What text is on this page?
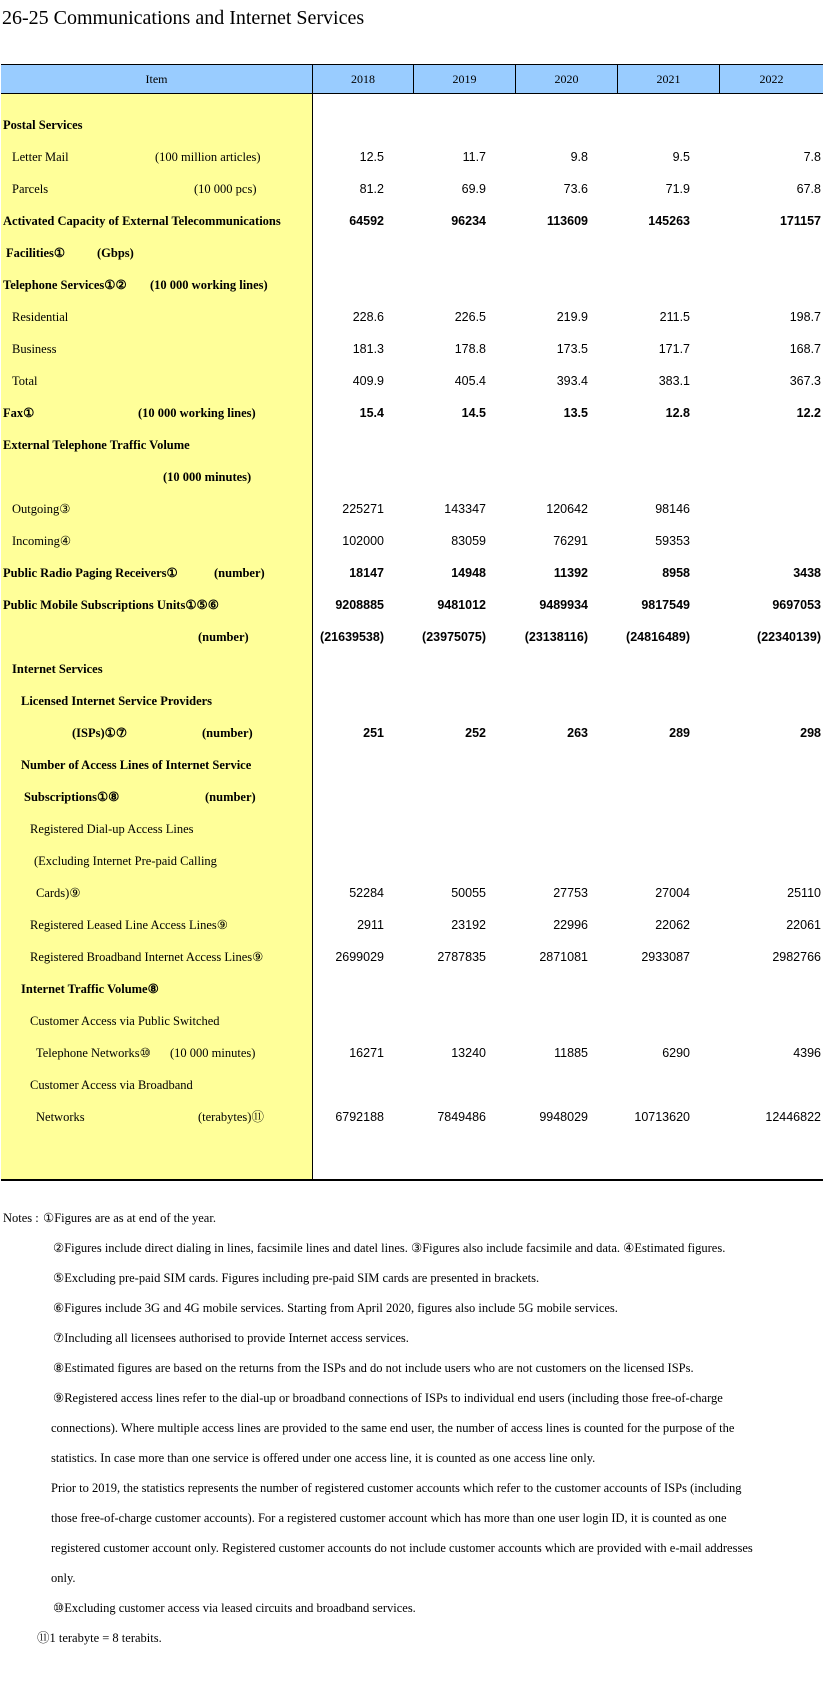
26-25 Communications and Internet Services
Item	2018	2019	2020	2021	2022
Postal Services
Letter Mail	(100 million articles)	12.5	11.7	9.8	9.5	7.8
Parcels	(10 000 pcs)	81.2	69.9	73.6	71.9	67.8
Activated Capacity of External Telecommunications	64592	96234	113609	145263	171157
Facilities①	(Gbps)
Telephone Services①② (10 000 working lines)
Residential	228.6	226.5	219.9	211.5	198.7
Business	181.3	178.8	173.5	171.7	168.7
Total	409.9	405.4	393.4	383.1	367.3
Fax①	(10 000 working lines)	15.4	14.5	13.5	12.8	12.2
External Telephone Traffic Volume
(10 000 minutes)
Outgoing③	225271	143347	120642	98146
Incoming④	102000	83059	76291	59353
Public Radio Paging Receivers①	(number)	18147	14948	11392	8958	3438
Public Mobile Subscriptions Units①⑤⑥	9208885	9481012	9489934	9817549	9697053
(number)	(21639538)	(23975075)	(23138116)	(24816489)	(22340139)
Internet Services
Licensed Internet Service Providers
(ISPs)①⑦	(number)	251	252	263	289	298
Number of Access Lines of Internet Service
Subscriptions①⑧	(number)
Registered Dial-up Access Lines
(Excluding Internet Pre-paid Calling
Cards)⑨	52284	50055	27753	27004	25110
Registered Leased Line Access Lines⑨	2911	23192	22996	22062	22061
Registered Broadband Internet Access Lines⑨	2699029	2787835	2871081	2933087	2982766
Internet Traffic Volume⑧
Customer Access via Public Switched
Telephone Networks⑩ (10 000 minutes)	16271	13240	11885	6290	4396
Customer Access via Broadband
Networks	(terabytes)⑪	6792188	7849486	9948029	10713620	12446822
Notes : ①Figures are as at end of the year.
②Figures include direct dialing in lines, facsimile lines and datel lines. ③Figures also include facsimile and data. ④Estimated figures.
⑤Excluding pre-paid SIM cards. Figures including pre-paid SIM cards are presented in brackets.
⑥Figures include 3G and 4G mobile services. Starting from April 2020, figures also include 5G mobile services.
⑦Including all licensees authorised to provide Internet access services.
⑧Estimated figures are based on the returns from the ISPs and do not include users who are not customers on the licensed ISPs.
⑨Registered access lines refer to the dial-up or broadband connections of ISPs to individual end users (including those free-of-charge
connections). Where multiple access lines are provided to the same end user, the number of access lines is counted for the purpose of the
statistics. In case more than one service is offered under one access line, it is counted as one access line only.
Prior to 2019, the statistics represents the number of registered customer accounts which refer to the customer accounts of ISPs (including
those free-of-charge customer accounts). For a registered customer account which has more than one user login ID, it is counted as one
registered customer account only. Registered customer accounts do not include customer accounts which are provided with e-mail addresses
only.
⑩Excluding customer access via leased circuits and broadband services.
⑪1 terabyte = 8 terabits.
